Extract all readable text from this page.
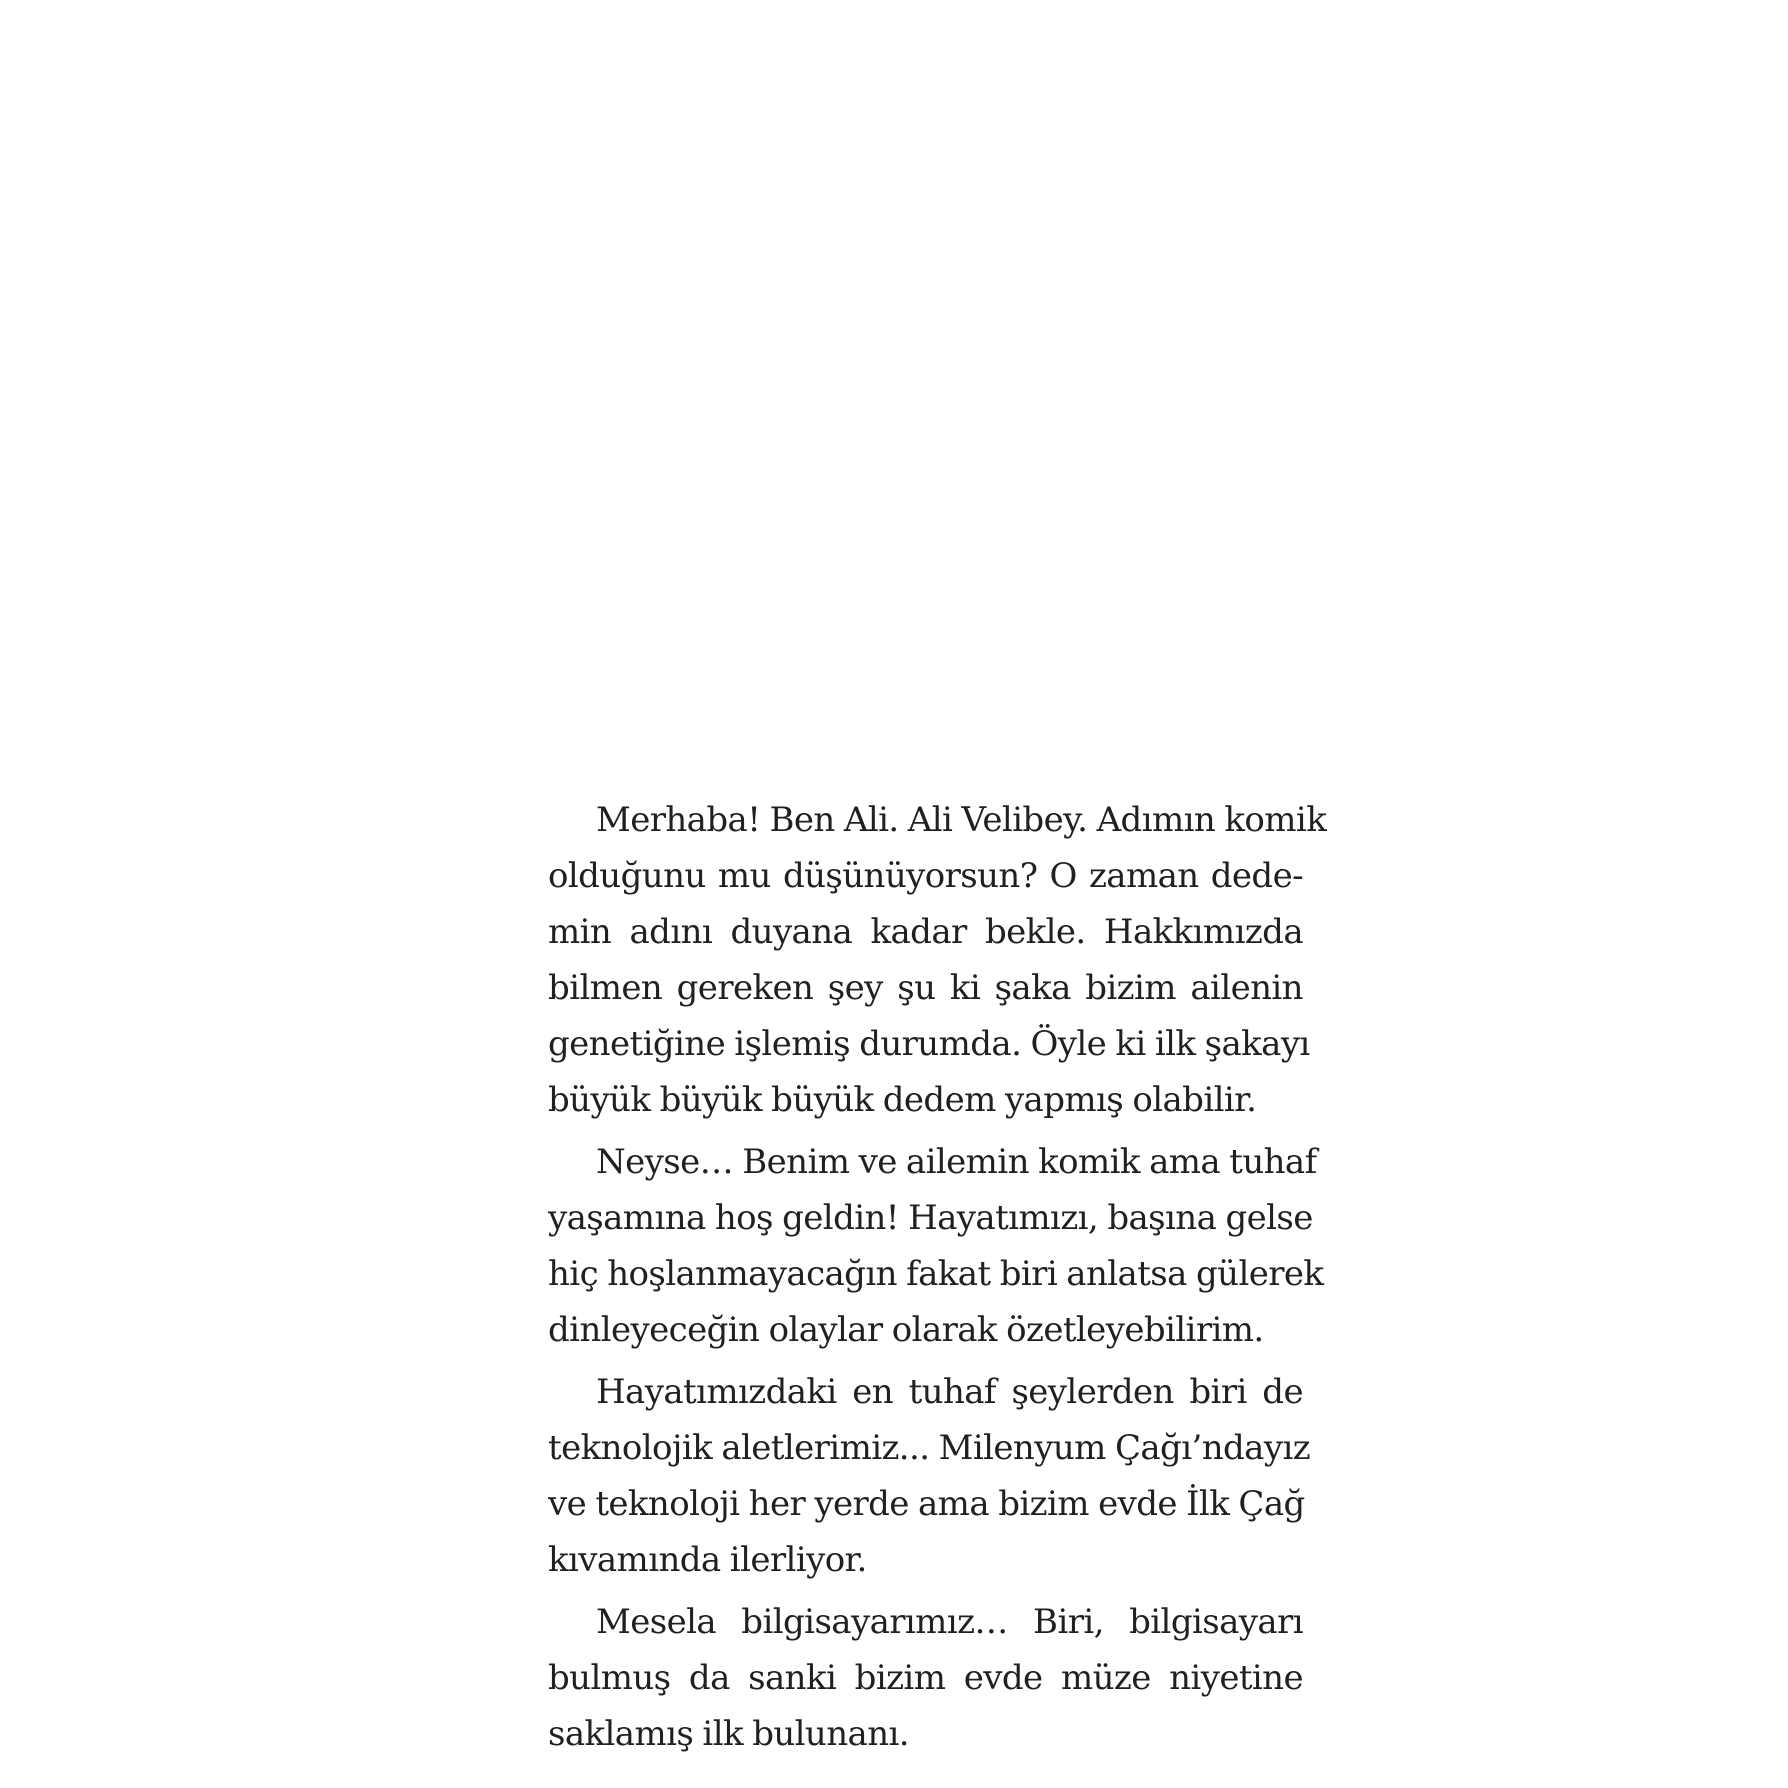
Merhaba! Ben Ali. Ali Velibey. Adımın komik
olduğunu mu düşünüyorsun? O zaman dede-
min adını duyana kadar bekle. Hakkımızda
bilmen gereken şey şu ki şaka bizim ailenin
genetiğine işlemiş durumda. Öyle ki ilk şakayı
büyük büyük büyük dedem yapmış olabilir.

Neyse… Benim ve ailemin komik ama tuhaf
yaşamına hoş geldin! Hayatımızı, başına gelse
hiç hoşlanmayacağın fakat biri anlatsa gülerek
dinleyeceğin olaylar olarak özetleyebilirim.

Hayatımızdaki en tuhaf şeylerden biri de
teknolojik aletlerimiz... Milenyum Çağı’ndayız
ve teknoloji her yerde ama bizim evde İlk Çağ
kıvamında ilerliyor.

Mesela bilgisayarımız… Biri, bilgisayarı
bulmuş da sanki bizim evde müze niyetine
saklamış ilk bulunanı.
